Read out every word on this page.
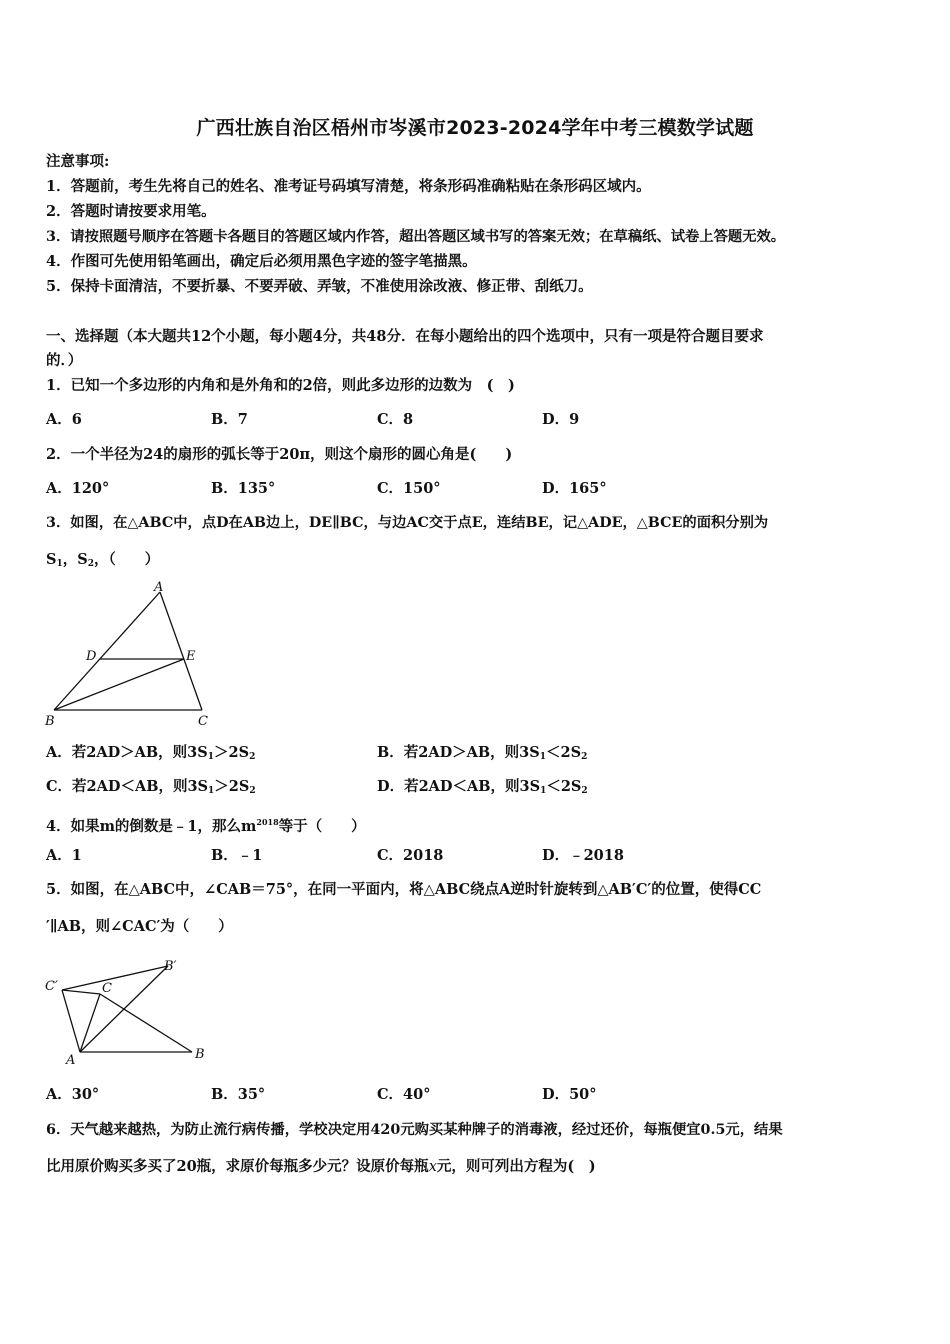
广西壮族自治区梧州市岑溪市2023-2024学年中考三模数学试题
注意事项:
1．答题前，考生先将自己的姓名、准考证号码填写清楚，将条形码准确粘贴在条形码区域内。
2．答题时请按要求用笔。
3．请按照题号顺序在答题卡各题目的答题区域内作答，超出答题区域书写的答案无效；在草稿纸、试卷上答题无效。
4．作图可先使用铅笔画出，确定后必须用黑色字迹的签字笔描黑。
5．保持卡面清洁，不要折暴、不要弄破、弄皱，不准使用涂改液、修正带、刮纸刀。
一、选择题（本大题共12个小题，每小题4分，共48分．在每小题给出的四个选项中，只有一项是符合题目要求
的．）
1．已知一个多边形的内角和是外角和的2倍，则此多边形的边数为　(　)
A．6	B．7	C．8	D．9
2．一个半径为24的扇形的弧长等于20π，则这个扇形的圆心角是(　　)
A．120°	B．135°	C．150°	D．165°
3．如图，在△ABC中，点D在AB边上，DE∥BC，与边AC交于点E，连结BE，记△ADE，△BCE的面积分别为
$S_1$，$S_2$，（　　）
A
D	E
B	C
A．若2AD＞AB，则$3S_1>2S_2$	B．若2AD＞AB，则$3S_1<2S_2$
C．若2AD＜AB，则$3S_1>2S_2$	D．若2AD＜AB，则$3S_1<2S_2$
4．如果m的倒数是﹣1，那么$m^{2018}$等于（　　）
A．1	B．﹣1	C．2018	D．﹣2018
5．如图，在△ABC中，∠CAB＝75°，在同一平面内，将△ABC绕点A逆时针旋转到△AB′C′的位置，使得CC
′∥AB，则∠CAC′为（　　）
C′	C
B′
A	B
A．30°	B．35°	C．40°	D．50°
6．天气越来越热，为防止流行病传播，学校决定用420元购买某种牌子的消毒液，经过还价，每瓶便宜0.5元，结果
比用原价购买多买了20瓶，求原价每瓶多少元？设原价每瓶x元，则可列出方程为(　)
